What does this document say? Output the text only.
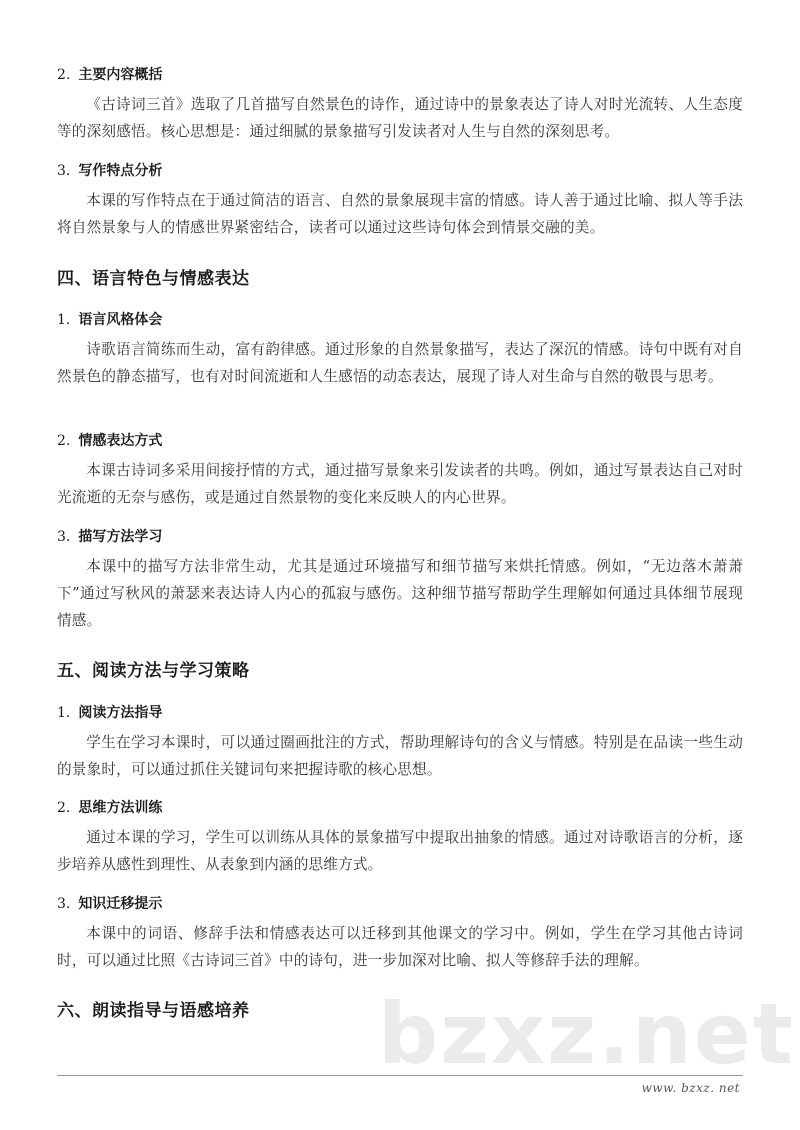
bzxz.net
2. 主要内容概括
《古诗词三首》选取了几首描写自然景色的诗作，通过诗中的景象表达了诗人对时光流转、人生态度等的深刻感悟。核心思想是：通过细腻的景象描写引发读者对人生与自然的深刻思考。
3. 写作特点分析
本课的写作特点在于通过简洁的语言、自然的景象展现丰富的情感。诗人善于通过比喻、拟人等手法将自然景象与人的情感世界紧密结合，读者可以通过这些诗句体会到情景交融的美。
四、语言特色与情感表达
1. 语言风格体会
诗歌语言简练而生动，富有韵律感。通过形象的自然景象描写，表达了深沉的情感。诗句中既有对自然景色的静态描写，也有对时间流逝和人生感悟的动态表达，展现了诗人对生命与自然的敬畏与思考。
2. 情感表达方式
本课古诗词多采用间接抒情的方式，通过描写景象来引发读者的共鸣。例如，通过写景表达自己对时光流逝的无奈与感伤，或是通过自然景物的变化来反映人的内心世界。
3. 描写方法学习
本课中的描写方法非常生动，尤其是通过环境描写和细节描写来烘托情感。例如，“无边落木萧萧下”通过写秋风的萧瑟来表达诗人内心的孤寂与感伤。这种细节描写帮助学生理解如何通过具体细节展现情感。
五、阅读方法与学习策略
1. 阅读方法指导
学生在学习本课时，可以通过圈画批注的方式，帮助理解诗句的含义与情感。特别是在品读一些生动的景象时，可以通过抓住关键词句来把握诗歌的核心思想。
2. 思维方法训练
通过本课的学习，学生可以训练从具体的景象描写中提取出抽象的情感。通过对诗歌语言的分析，逐步培养从感性到理性、从表象到内涵的思维方式。
3. 知识迁移提示
本课中的词语、修辞手法和情感表达可以迁移到其他课文的学习中。例如，学生在学习其他古诗词时，可以通过比照《古诗词三首》中的诗句，进一步加深对比喻、拟人等修辞手法的理解。
六、朗读指导与语感培养
www. bzxz. net
